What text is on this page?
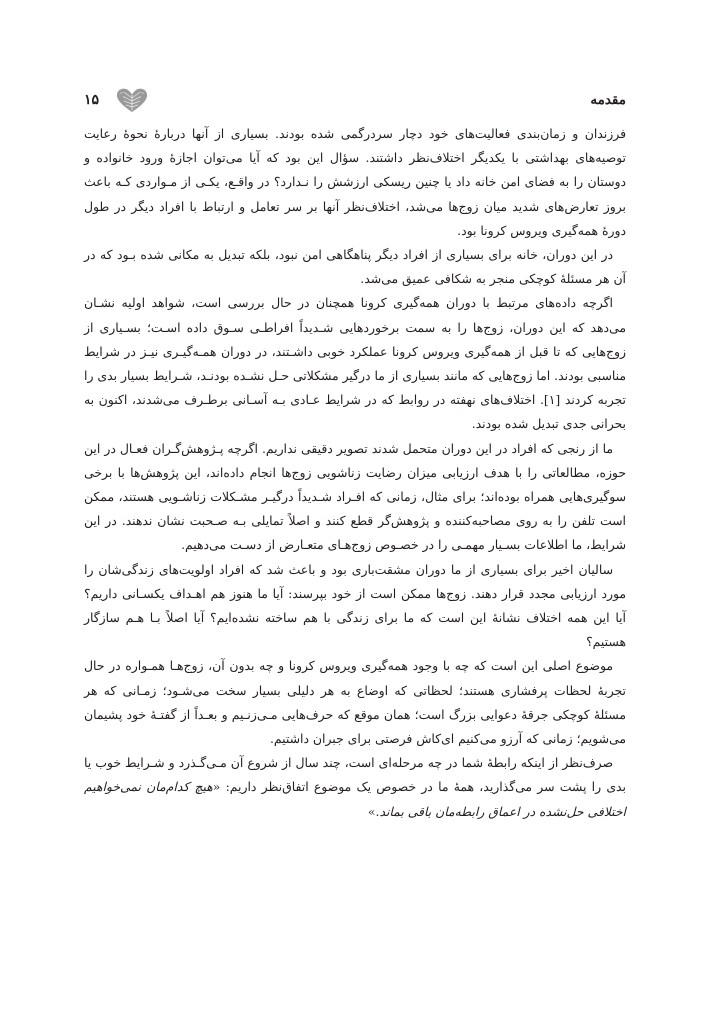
مقدمه
۱۵

فرزندان و زمان‌بندی فعالیت‌های خود دچار سردرگمی شده بودند. بسیاری از آنها دربارهٔ نحوهٔ رعایت توصیه‌های بهداشتی با یکدیگر اختلاف‌نظر داشتند. سؤال این بود که آیا می‌توان اجازهٔ ورود خانواده و دوستان را به فضای امن خانه داد یا چنین ریسکی ارزشش را نـدارد؟ در واقـع، یکـی از مـواردی کـه باعث بروز تعارض‌های شدید میان زوج‌ها می‌شد، اختلاف‌نظر آنها بر سر تعامل و ارتباط با افراد دیگر در طول دورهٔ همه‌گیری ویروس کرونا بود.

در این دوران، خانه برای بسیاری از افراد دیگر پناهگاهی امن نبود، بلکه تبدیل به مکانی شده بـود که در آن هر مسئلهٔ کوچکی منجر به شکافی عمیق می‌شد.

اگرچه داده‌های مرتبط با دوران همه‌گیری کرونا همچنان در حال بررسی است، شواهد اولیه نشـان می‌دهد که این دوران، زوج‌ها را به سمت برخوردهایی شـدیداً افراطـی سـوق داده اسـت؛ بسـیاری از زوج‌هایی که تا قبل از همه‌گیری ویروس کرونا عملکرد خوبی داشـتند، در دوران همـه‌گیـری نیـز در شرایط مناسبی بودند. اما زوج‌هایی که مانند بسیاری از ما درگیر مشکلاتی حـل نشـده بودنـد، شـرایط بسیار بدی را تجربه کردند [۱]. اختلاف‌های نهفته در روابط که در شرایط عـادی بـه آسـانی برطـرف می‌شدند، اکنون به بحرانی جدی تبدیل شده بودند.

ما از رنجی که افراد در این دوران متحمل شدند تصویر دقیقی نداریم. اگرچه پـژوهش‌گـران فعـال در این حوزه، مطالعاتی را با هدف ارزیابی میزان رضایت زناشویی زوج‌ها انجام داده‌اند، این پژوهش‌ها با برخی سوگیری‌هایی همراه بوده‌اند؛ برای مثال، زمانی که افـراد شـدیداً درگیـر مشـکلات زناشـویی هستند، ممکن است تلفن را به روی مصاحبه‌کننده و پژوهش‌گر قطع کنند و اصلاً تمایلی بـه صـحبت نشان ندهند. در این شرایط، ما اطلاعات بسـیار مهمـی را در خصـوص زوج‌هـای متعـارض از دسـت می‌دهیم.

سالیان اخیر برای بسیاری از ما دوران مشقت‌باری بود و باعث شد که افراد اولویت‌های زندگی‌شان را مورد ارزیابی مجدد قرار دهند. زوج‌ها ممکن است از خود بپرسند: آیا ما هنوز هم اهـداف یکسـانی داریم؟ آیا این همه اختلاف نشانهٔ این است که ما برای زندگی با هم ساخته نشده‌ایم؟ آیا اصلاً بـا هـم سازگار هستیم؟

موضوع اصلی این است که چه با وجود همه‌گیری ویروس کرونا و چه بدون آن، زوج‌هـا همـواره در حال تجربهٔ لحظات پرفشاری هستند؛ لحظاتی که اوضاع به هر دلیلی بسیار سخت می‌شـود؛ زمـانی که هر مسئلهٔ کوچکی جرقهٔ دعوایی بزرگ است؛ همان موقع که حرف‌هایی مـی‌زنـیم و بعـداً از گفتـهٔ خود پشیمان می‌شویم؛ زمانی که آرزو می‌کنیم ای‌کاش فرصتی برای جبران داشتیم.

صرف‌نظر از اینکه رابطهٔ شما در چه مرحله‌ای است، چند سال از شروع آن مـی‌گـذرد و شـرایط خوب یا بدی را پشت سر می‌گذارید، همهٔ ما در خصوص یک موضوع اتفاق‌نظر داریم: «هیچ کدام‌مان نمی‌خواهیم اختلافی حل‌نشده در اعماق رابطه‌مان باقی بماند.»
